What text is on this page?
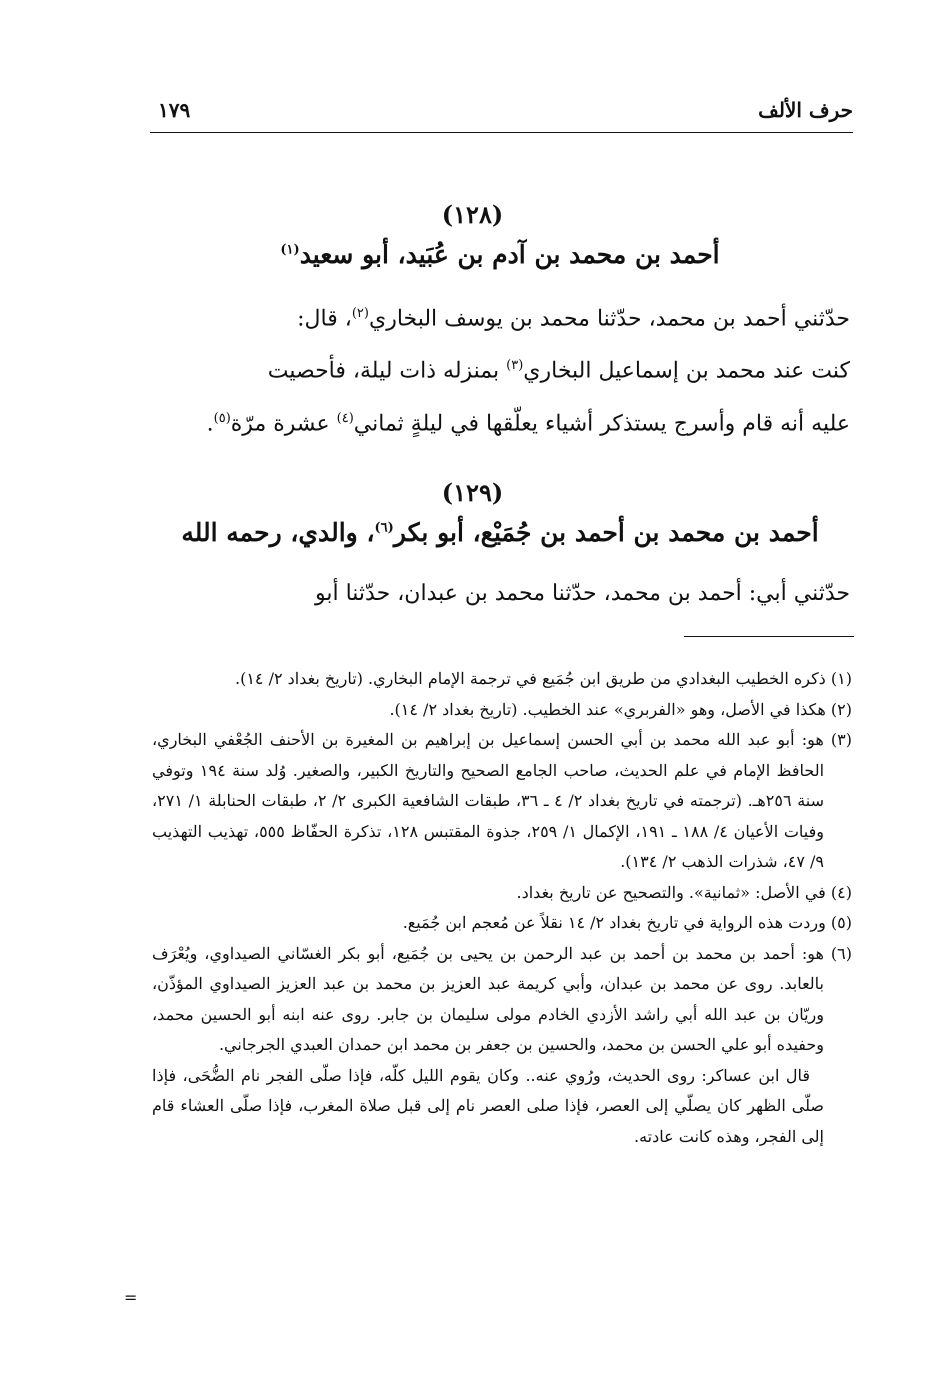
حرف الألف
١٧٩
(١٢٨)
أحمد بن محمد بن آدم بن عُبَيد، أبو سعيد$^{(١)}$
حدّثني أحمد بن محمد، حدّثنا محمد بن يوسف البخاري$^{(٢)}$، قال:
كنت عند محمد بن إسماعيل البخاري$^{(٣)}$ بمنزله ذات ليلة، فأحصيت
عليه أنه قام وأسرج يستذكر أشياء يعلّقها في ليلةٍ ثماني$^{(٤)}$ عشرة مرّة$^{(٥)}$.
(١٢٩)
أحمد بن محمد بن أحمد بن جُمَيْع، أبو بكر$^{(٦)}$، والدي، رحمه الله
حدّثني أبي: أحمد بن محمد، حدّثنا محمد بن عبدان، حدّثنا أبو

(١) ذكره الخطيب البغدادي من طريق ابن جُمَيع في ترجمة الإمام البخاري. (تاريخ بغداد ٢/ ١٤).

(٢) هكذا في الأصل، وهو «الفربري» عند الخطيب. (تاريخ بغداد ٢/ ١٤).

(٣) هو: أبو عبد الله محمد بن أبي الحسن إسماعيل بن إبراهيم بن المغيرة بن الأحنف الجُعْفي البخاري، الحافظ الإمام في علم الحديث، صاحب الجامع الصحيح والتاريخ الكبير، والصغير. وُلد سنة ١٩٤ وتوفي سنة ٢٥٦هـ. (ترجمته في تاريخ بغداد ٢/ ٤ ـ ٣٦، طبقات الشافعية الكبرى ٢/ ٢، طبقات الحنابلة ١/ ٢٧١، وفيات الأعيان ٤/ ١٨٨ ـ ١٩١، الإكمال ١/ ٢٥٩، جذوة المقتبس ١٢٨، تذكرة الحفّاظ ٥٥٥، تهذيب التهذيب ٩/ ٤٧، شذرات الذهب ٢/ ١٣٤).

(٤) في الأصل: «ثمانية». والتصحيح عن تاريخ بغداد.

(٥) وردت هذه الرواية في تاريخ بغداد ٢/ ١٤ نقلاً عن مُعجم ابن جُمَيع.

(٦) هو: أحمد بن محمد بن أحمد بن عبد الرحمن بن يحيى بن جُمَيع، أبو بكر الغسّاني الصيداوي، ويُعْرَف بالعابد. روى عن محمد بن عبدان، وأبي كريمة عبد العزيز بن محمد بن عبد العزيز الصيداوي المؤذّن، وريّان بن عبد الله أبي راشد الأزدي الخادم مولى سليمان بن جابر. روى عنه ابنه أبو الحسين محمد، وحفيده أبو علي الحسن بن محمد، والحسين بن جعفر بن محمد ابن حمدان العبدي الجرجاني.

قال ابن عساكر: روى الحديث، ورُوي عنه.. وكان يقوم الليل كلّه، فإذا صلّى الفجر نام الضُّحَى، فإذا صلّى الظهر كان يصلّي إلى العصر، فإذا صلى العصر نام إلى قبل صلاة المغرب، فإذا صلّى العشاء قام إلى الفجر، وهذه كانت عادته.

=
